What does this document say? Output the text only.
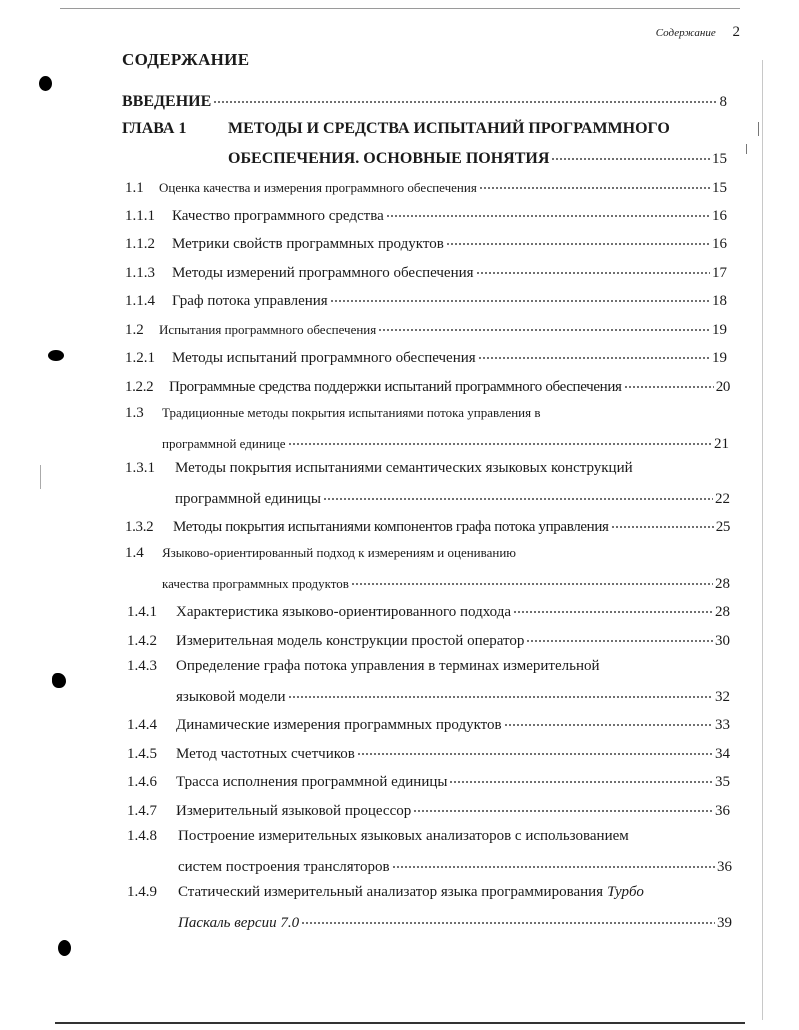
Содержание 2
СОДЕРЖАНИЕ
ВВЕДЕНИЕ	8
ГЛАВА 1	МЕТОДЫ И СРЕДСТВА ИСПЫТАНИЙ ПРОГРАММНОГО
ОБЕСПЕЧЕНИЯ. ОСНОВНЫЕ ПОНЯТИЯ	15
1.1	Оценка качества и измерения программного обеспечения	15
1.1.1	Качество программного средства	16
1.1.2	Метрики свойств программных продуктов	16
1.1.3	Методы измерений программного обеспечения	17
1.1.4	Граф потока управления	18
1.2	Испытания программного обеспечения	19
1.2.1	Методы испытаний программного обеспечения	19
1.2.2	Программные средства поддержки испытаний программного обеспечения	20
1.3	Традиционные методы покрытия испытаниями потока управления в
программной единице	21
1.3.1	Методы покрытия испытаниями семантических языковых конструкций
программной единицы	22
1.3.2	Методы покрытия испытаниями компонентов графа потока управления	25
1.4	Языково-ориентированный подход к измерениям и оцениванию
качества программных продуктов	28
1.4.1	Характеристика языково-ориентированного подхода	28
1.4.2	Измерительная модель конструкции простой оператор	30
1.4.3	Определение графа потока управления в терминах измерительной
языковой модели	32
1.4.4	Динамические измерения программных продуктов	33
1.4.5	Метод частотных счетчиков	34
1.4.6	Трасса исполнения программной единицы	35
1.4.7	Измерительный языковой процессор	36
1.4.8	Построение измерительных языковых анализаторов с использованием
систем построения трансляторов	36
1.4.9	Статический измерительный анализатор языка программирования Турбо
Паскаль версии 7.0	39
